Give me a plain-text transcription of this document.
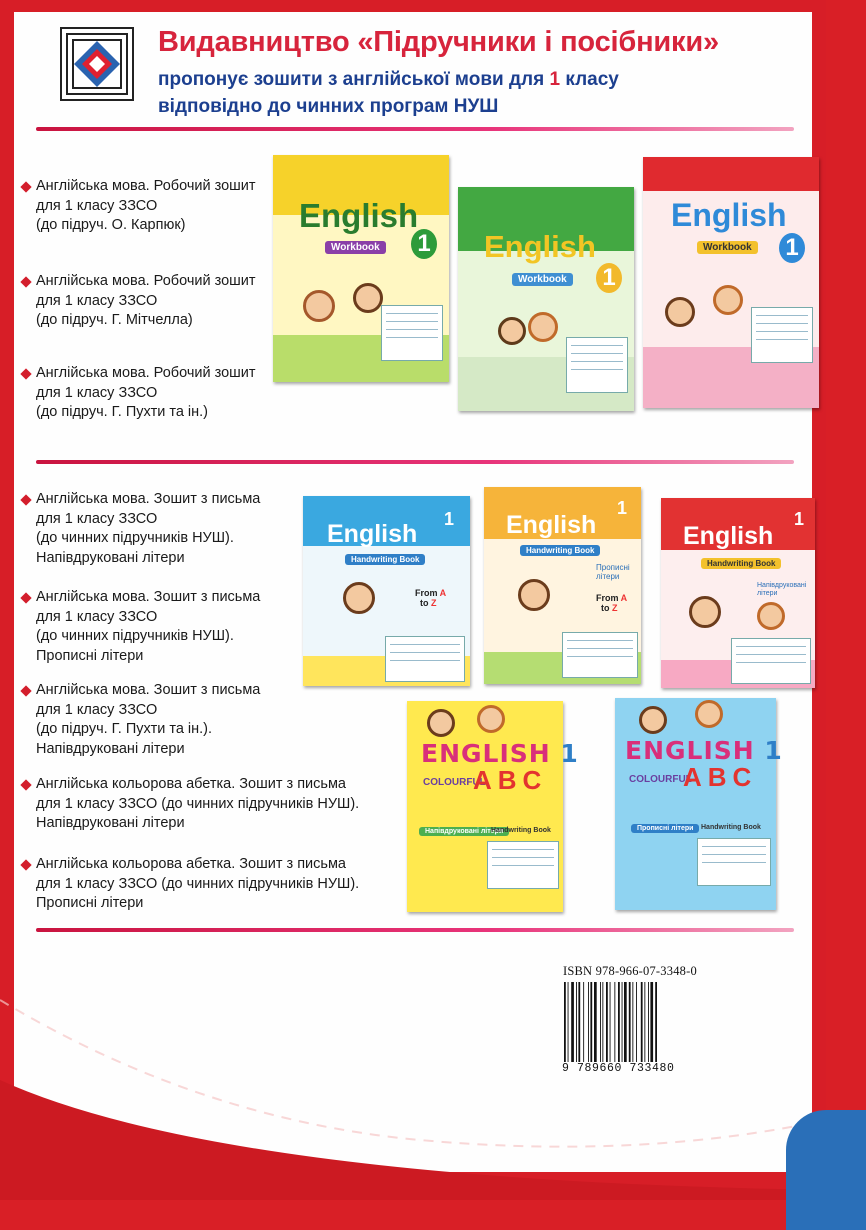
Видавництво «Підручники і посібники»
пропонує зошити з англійської мови для 1 класу
відповідно до чинних програм НУШ
Англійська мова. Робочий зошит
для 1 класу ЗЗСО
(до підруч. О. Карпюк)
Англійська мова. Робочий зошит
для 1 класу ЗЗСО
(до підруч. Г. Мітчелла)
Англійська мова. Робочий зошит
для 1 класу ЗЗСО
(до підруч. Г. Пухти та ін.)
Англійська мова. Зошит з письма
для 1 класу ЗЗСО
(до чинних підручників НУШ).
Напівдруковані літери
Англійська мова. Зошит з письма
для 1 класу ЗЗСО
(до чинних підручників НУШ).
Прописні літери
Англійська мова. Зошит з письма
для 1 класу ЗЗСО
(до підруч. Г. Пухти та ін.).
Напівдруковані літери
Англійська кольорова абетка. Зошит з письма
для 1 класу ЗЗСО (до чинних підручників НУШ).
Напівдруковані літери
Англійська кольорова абетка. Зошит з письма
для 1 класу ЗЗСО (до чинних підручників НУШ).
Прописні літери
English
Workbook 1 English
Workbook 1
English
Workbook 1
English
1
Handwriting Book
From A
to Z
English
1
Handwriting Book
Прописні літери
From A
to Z
English
1
Handwriting Book
Напівдруковані літери
ENGLISH 1
COLOURFUL
ABC
Напівдруковані літери
Handwriting Book
ENGLISH 1
COLOURFUL
ABC
Прописні літери	Handwriting Book
ISBN 978-966-07-3348-0
9 789660 733480
